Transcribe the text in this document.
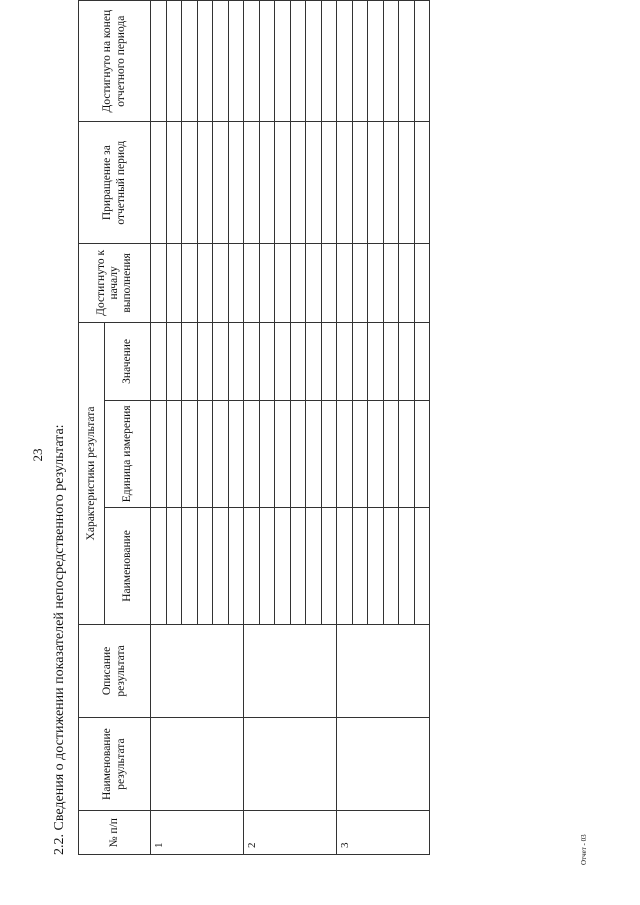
23 2.2. Сведения о достижении показателей непосредственного результата:	№ п/п	Наименование результата	Описание результата	Характеристики результата			Достигнуто к началу выполнения	Приращение за отчетный период	Достигнуто на конец отчетного периода
			Наименование	Единица измерения	Значение			

1								

2								

3								

						Отчет - 03
